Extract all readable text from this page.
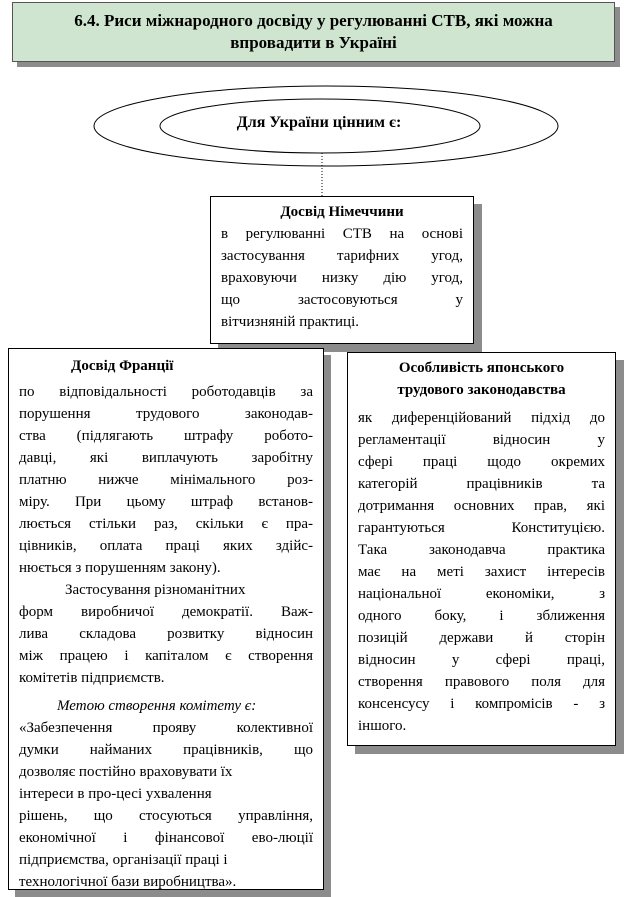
6.4. Риси міжнародного досвіду у регулюванні СТВ, які можна впровадити в Україні
Для України цінним є:
Досвід Німеччини

в регулюванні СТВ на основі

застосування тарифних угод,

враховуючи низку дію угод,

що застосовуються у

вітчизняній практиці.

Досвід Франції

по відповідальності роботодавців за

порушення трудового законодав-

ства (підлягають штрафу робото-

давці, які виплачують заробітну

платню нижче мінімального роз-

міру. При цьому штраф встанов-

люється стільки раз, скільки є пра-

цівників, оплата праці яких здійс-

нюється з порушенням закону).

Застосування різноманітних

форм виробничої демократії. Важ-

лива складова розвитку відносин

між працею і капіталом є створення

комітетів підприємств.

Метою створення комітету є:

«Забезпечення прояву колективної

думки найманих працівників, що

дозволяє постійно враховувати їх

інтереси в про-цесі ухвалення

рішень, що стосуються управління,

економічної і фінансової ево-люції

підприємства, організації праці і

технологічної бази виробництва».

Особливість японського
трудового законодавства

як диференційований підхід до

регламентації відносин у

сфері праці щодо окремих

категорій працівників та

дотримання основних прав, які

гарантуються Конституцією.

Така законодавча практика

має на меті захист інтересів

національної економіки, з

одного боку, і зближення

позицій держави й сторін

відносин у сфері праці,

створення правового поля для

консенсусу і компромісів - з

іншого.
